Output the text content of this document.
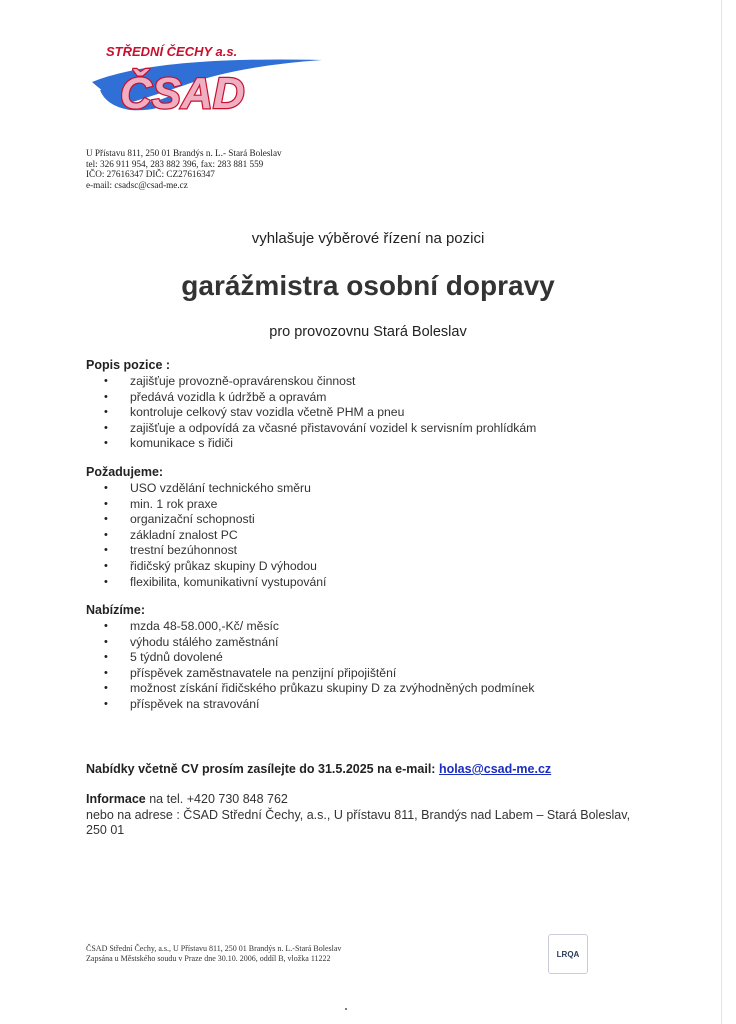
STŘEDNÍ ČECHY a.s.
ČSAD
U Přístavu 811, 250 01 Brandýs n. L.- Stará Boleslav
tel: 326 911 954, 283 882 396, fax: 283 881 559
IČO: 27616347 DIČ: CZ27616347
e-mail: csadsc@csad-me.cz
vyhlašuje výběrové řízení na pozici
garážmistra osobní dopravy
pro provozovnu Stará Boleslav
Popis pozice :
• zajišťuje provozně-opravárenskou činnost
• předává vozidla k údržbě a opravám
• kontroluje celkový stav vozidla včetně PHM a pneu
• zajišťuje a odpovídá za včasné přistavování vozidel k servisním prohlídkám
• komunikace s řidiči
Požadujeme:
• USO vzdělání technického směru
• min. 1 rok praxe
• organizační schopnosti
• základní znalost PC
• trestní bezúhonnost
• řidičský průkaz skupiny D výhodou
• flexibilita, komunikativní vystupování
Nabízíme:
• mzda 48-58.000,-Kč/ měsíc
• výhodu stálého zaměstnání
• 5 týdnů dovolené
• příspěvek zaměstnavatele na penzijní připojištění
• možnost získání řidičského průkazu skupiny D za zvýhodněných podmínek
• příspěvek na stravování
Nabídky včetně CV prosím zasílejte do 31.5.2025 na e-mail: holas@csad-me.cz
Informace na tel. +420 730 848 762
nebo na adrese : ČSAD Střední Čechy, a.s., U přístavu 811, Brandýs nad Labem – Stará Boleslav, 250 01
ČSAD Střední Čechy, a.s., U Přístavu 811, 250 01 Brandýs n. L.-Stará Boleslav
Zapsána u Městského soudu v Praze dne 30.10. 2006, oddíl B, vložka 11222	LRQA
